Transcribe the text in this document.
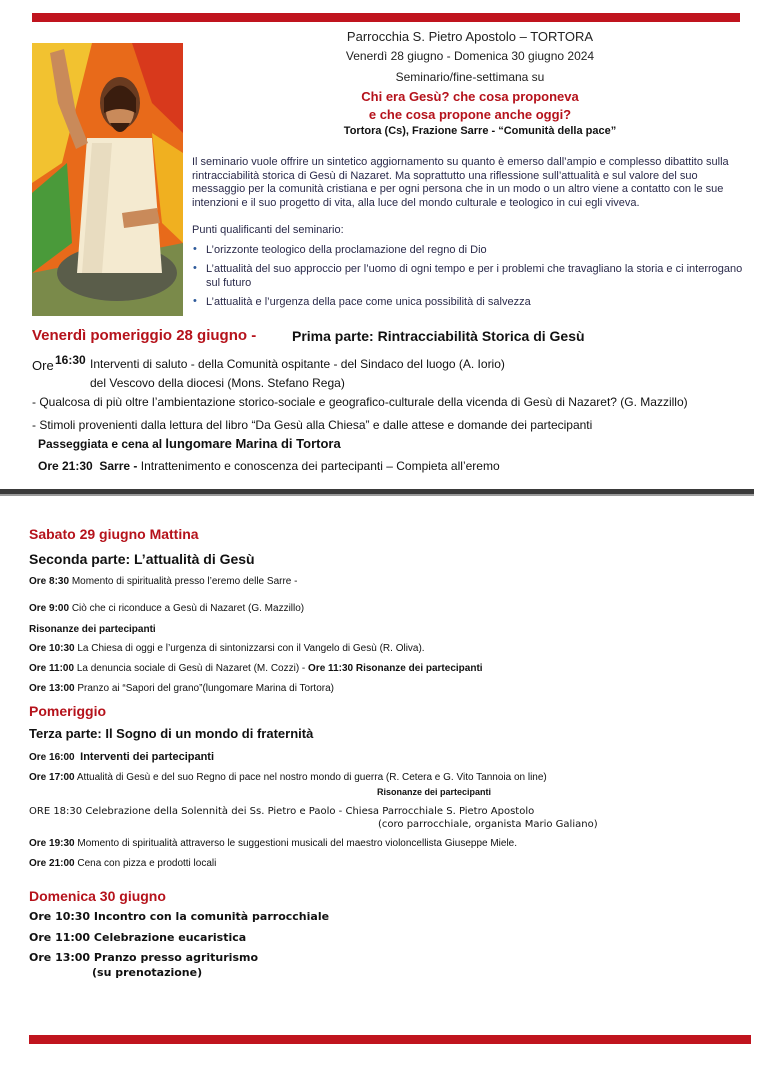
Parrocchia S. Pietro Apostolo – TORTORA
Venerdì 28 giugno - Domenica 30 giugno 2024
Seminario/fine-settimana su
Chi era Gesù? che cosa proponeva
e che cosa propone anche oggi?
Tortora (Cs), Frazione Sarre - “Comunità della pace”
Il seminario vuole offrire un sintetico aggiornamento su quanto è emerso dall’ampio e complesso dibattito sulla rintracciabilità storica di Gesù di Nazaret. Ma soprattutto una riflessione sull’attualità e sul valore del suo messaggio per la comunità cristiana e per ogni persona che in un modo o un altro viene a contatto con le sue intenzioni e il suo progetto di vita, alla luce del mondo culturale e teologico in cui egli viveva.
Punti qualificanti del seminario:
• L’orizzonte teologico della proclamazione del regno di Dio
• L’attualità del suo approccio per l’uomo di ogni tempo e per i problemi che travagliano la storia e ci interrogano sul futuro
• L’attualità e l’urgenza della pace come unica possibilità di salvezza
Venerdì pomeriggio 28 giugno -	Prima parte: Rintracciabilità Storica di Gesù
Ore 16:30 Interventi di saluto - della Comunità ospitante - del Sindaco del luogo (A. Iorio)
del Vescovo della diocesi (Mons. Stefano Rega)
- Qualcosa di più oltre l’ambientazione storico-sociale e geografico-culturale della vicenda di Gesù di Nazaret? (G. Mazzillo)
- Stimoli provenienti dalla lettura del libro “Da Gesù alla Chiesa” e dalle attese e domande dei partecipanti
Passeggiata e cena al lungomare Marina di Tortora
Ore 21:30 Sarre - Intrattenimento e conoscenza dei partecipanti – Compieta all’eremo
Sabato 29 giugno Mattina
Seconda parte: L’attualità di Gesù
Ore 8:30 Momento di spiritualità presso l’eremo delle Sarre -
Ore 9:00 Ciò che ci riconduce a Gesù di Nazaret (G. Mazzillo)
Risonanze dei partecipanti
Ore 10:30 La Chiesa di oggi e l’urgenza di sintonizzarsi con il Vangelo di Gesù (R. Oliva).
Ore 11:00 La denuncia sociale di Gesù di Nazaret (M. Cozzi) - Ore 11:30 Risonanze dei partecipanti
Ore 13:00 Pranzo ai “Sapori del grano”(lungomare Marina di Tortora)
Pomeriggio
Terza parte: Il Sogno di un mondo di fraternità
Ore 16:00 Interventi dei partecipanti
Ore 17:00 Attualità di Gesù e del suo Regno di pace nel nostro mondo di guerra (R. Cetera e G. Vito Tannoia on line)
Risonanze dei partecipanti
ORE 18:30 Celebrazione della Solennità dei Ss. Pietro e Paolo - Chiesa Parrocchiale S. Pietro Apostolo
(coro parrocchiale, organista Mario Galiano)
Ore 19:30 Momento di spiritualità attraverso le suggestioni musicali del maestro violoncellista Giuseppe Miele.
Ore 21:00 Cena con pizza e prodotti locali
Domenica 30 giugno
Ore 10:30 Incontro con la comunità parrocchiale
Ore 11:00 Celebrazione eucaristica
Ore 13:00 Pranzo presso agriturismo
(su prenotazione)
